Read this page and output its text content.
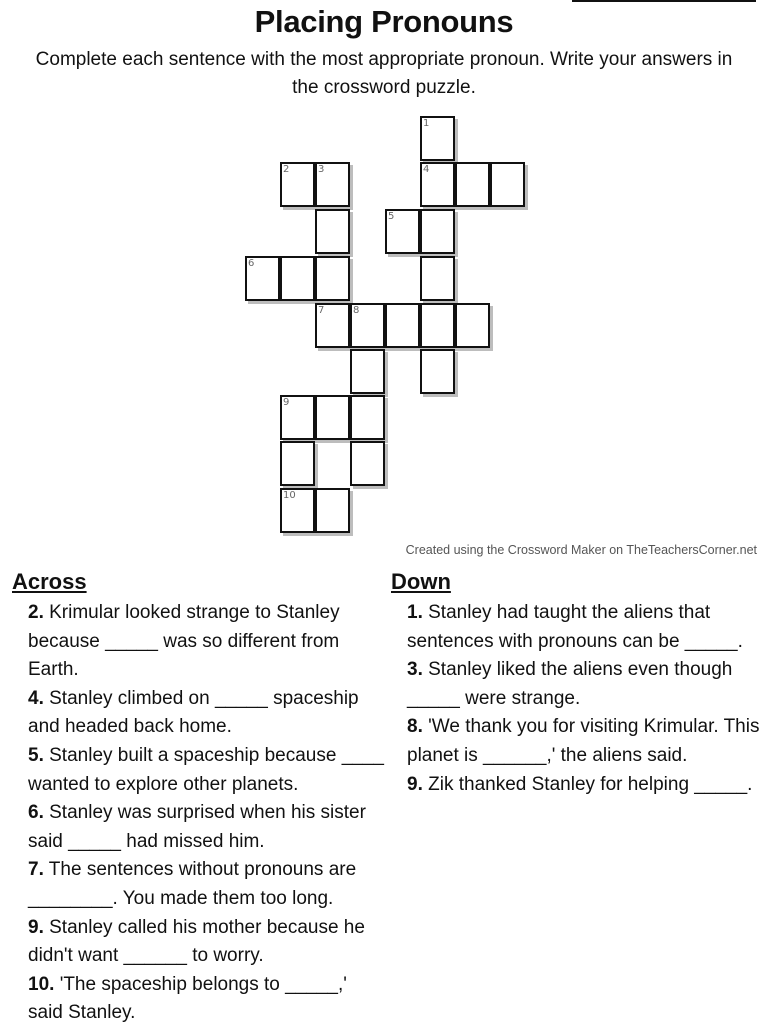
Placing Pronouns
Complete each sentence with the most appropriate pronoun. Write your answers in the crossword puzzle.
1
2	3	4
5
6
7	8
9
10
Created using the Crossword Maker on TheTeachersCorner.net
Across

2. Krimular looked strange to Stanley because _____ was so different from Earth.

4. Stanley climbed on _____ spaceship and headed back home.

5. Stanley built a spaceship because ____ wanted to explore other planets.

6. Stanley was surprised when his sister said _____ had missed him.

7. The sentences without pronouns are ________. You made them too long.

9. Stanley called his mother because he didn't want ______ to worry.

10. 'The spaceship belongs to _____,' said Stanley.

Down

1. Stanley had taught the aliens that sentences with pronouns can be _____.

3. Stanley liked the aliens even though _____ were strange.

8. 'We thank you for visiting Krimular. This planet is ______,' the aliens said.

9. Zik thanked Stanley for helping _____.
